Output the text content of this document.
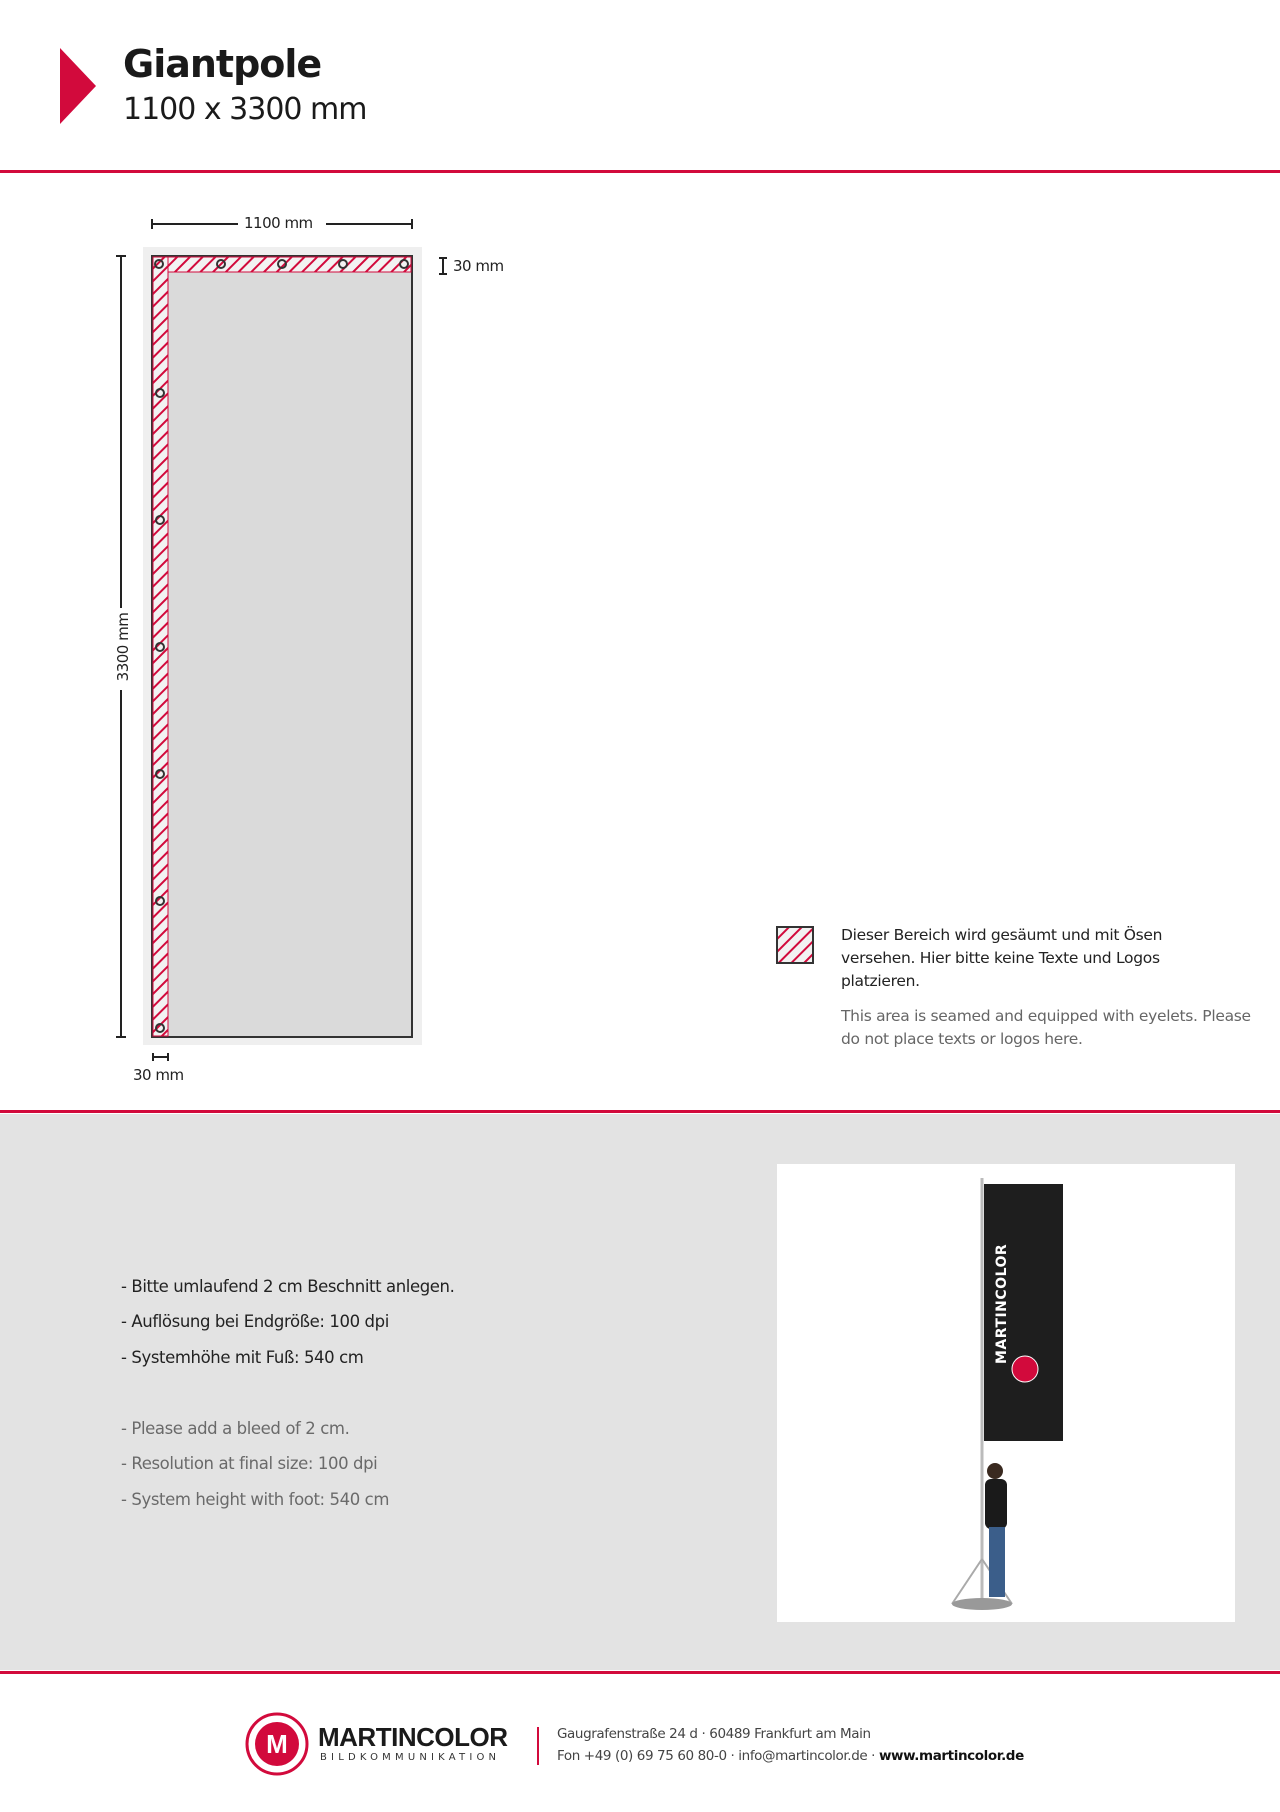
Giantpole
1100 x 3300 mm
1100 mm
30 mm
3300 mm
30 mm
Dieser Bereich wird gesäumt und mit Ösen versehen. Hier bitte keine Texte und Logos platzieren.
This area is seamed and equipped with eyelets. Please do not place texts or logos here.
- Bitte umlaufend 2 cm Beschnitt anlegen.
- Auflösung bei Endgröße: 100 dpi
- Systemhöhe mit Fuß: 540 cm
- Please add a bleed of 2 cm.
- Resolution at final size: 100 dpi
- System height with foot: 540 cm
MARTINCOLOR
M MARTINCOLOR
BILDKOMMUNIKATION
Gaugrafenstraße 24 d · 60489 Frankfurt am Main
Fon +49 (0) 69 75 60 80-0 · info@martincolor.de · www.martincolor.de
